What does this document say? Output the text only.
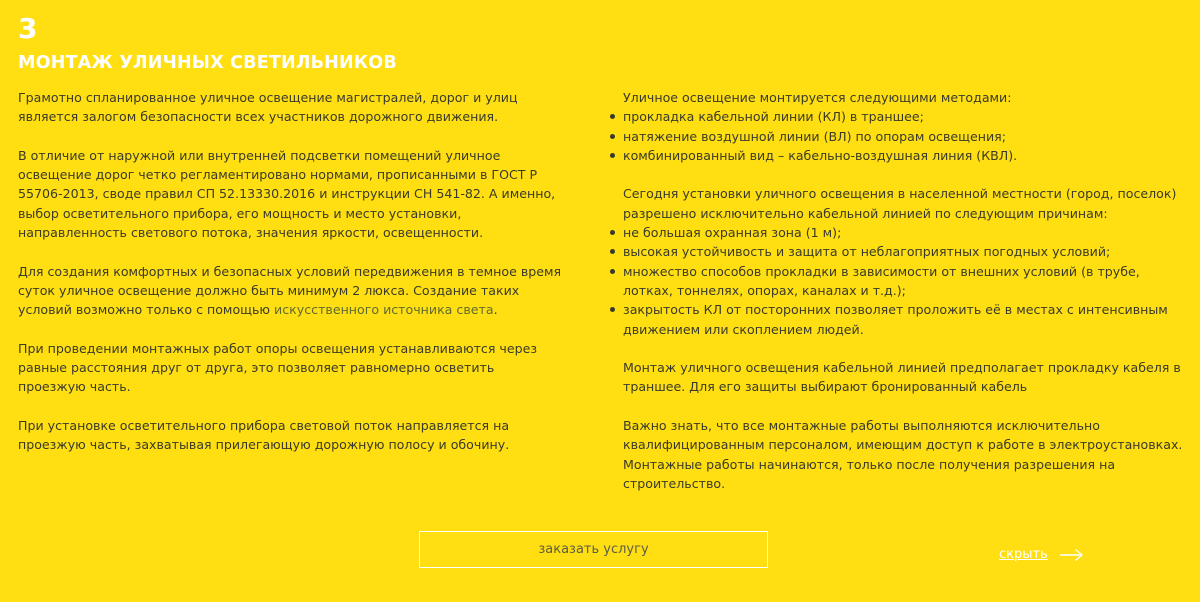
3
МОНТАЖ УЛИЧНЫХ СВЕТИЛЬНИКОВ

Грамотно спланированное уличное освещение магистралей, дорог и улиц является залогом безопасности всех участников дорожного движения.

В отличие от наружной или внутренней подсветки помещений уличное освещение дорог четко регламентировано нормами, прописанными в ГОСТ Р 55706-2013, своде правил СП 52.13330.2016 и инструкции СН 541-82. А именно, выбор осветительного прибора, его мощность и место установки, направленность светового потока, значения яркости, освещенности.

Для создания комфортных и безопасных условий передвижения в темное время суток уличное освещение должно быть минимум 2 люкса. Создание таких условий возможно только с помощью искусственного источника света.

При проведении монтажных работ опоры освещения устанавливаются через равные расстояния друг от друга, это позволяет равномерно осветить проезжую часть.

При установке осветительного прибора световой поток направляется на проезжую часть, захватывая прилегающую дорожную полосу и обочину.

Уличное освещение монтируется следующими методами:

прокладка кабельной линии (КЛ) в траншее;
натяжение воздушной линии (ВЛ) по опорам освещения;
комбинированный вид – кабельно-воздушная линия (КВЛ).

Сегодня установки уличного освещения в населенной местности (город, поселок) разрешено исключительно кабельной линией по следующим причинам:

не большая охранная зона (1 м);
высокая устойчивость и защита от неблагоприятных погодных условий;
множество способов прокладки в зависимости от внешних условий (в трубе, лотках, тоннелях, опорах, каналах и т.д.);
закрытость КЛ от посторонних позволяет проложить её в местах с интенсивным движением или скоплением людей.

Монтаж уличного освещения кабельной линией предполагает прокладку кабеля в траншее. Для его защиты выбирают бронированный кабель

Важно знать, что все монтажные работы выполняются исключительно квалифицированным персоналом, имеющим доступ к работе в электроустановках. Монтажные работы начинаются, только после получения разрешения на строительство.

заказать услугу	скрыть
